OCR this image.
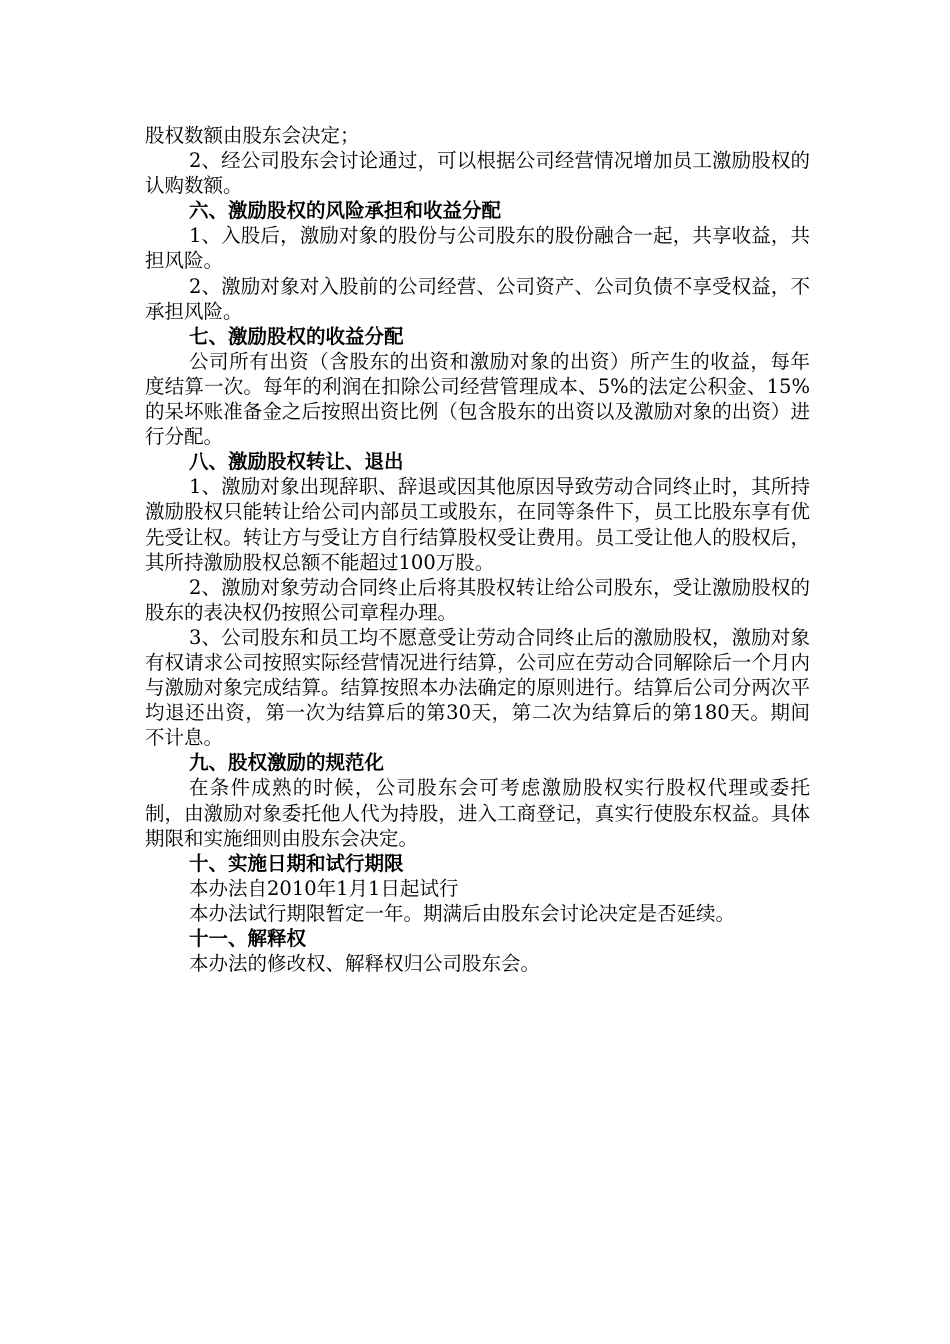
股权数额由股东会决定；

2、经公司股东会讨论通过，可以根据公司经营情况增加员工激励股权的认购数额。

六、激励股权的风险承担和收益分配

1、入股后，激励对象的股份与公司股东的股份融合一起，共享收益，共担风险。

2、激励对象对入股前的公司经营、公司资产、公司负债不享受权益，不承担风险。

七、激励股权的收益分配

公司所有出资（含股东的出资和激励对象的出资）所产生的收益，每年度结算一次。每年的利润在扣除公司经营管理成本、5%的法定公积金、15%的呆坏账准备金之后按照出资比例（包含股东的出资以及激励对象的出资）进行分配。

八、激励股权转让、退出

1、激励对象出现辞职、辞退或因其他原因导致劳动合同终止时，其所持激励股权只能转让给公司内部员工或股东，在同等条件下，员工比股东享有优先受让权。转让方与受让方自行结算股权受让费用。员工受让他人的股权后，其所持激励股权总额不能超过100万股。

2、激励对象劳动合同终止后将其股权转让给公司股东，受让激励股权的股东的表决权仍按照公司章程办理。

3、公司股东和员工均不愿意受让劳动合同终止后的激励股权，激励对象有权请求公司按照实际经营情况进行结算，公司应在劳动合同解除后一个月内与激励对象完成结算。结算按照本办法确定的原则进行。结算后公司分两次平均退还出资，第一次为结算后的第30天，第二次为结算后的第180天。期间不计息。

九、股权激励的规范化

在条件成熟的时候，公司股东会可考虑激励股权实行股权代理或委托制，由激励对象委托他人代为持股，进入工商登记，真实行使股东权益。具体期限和实施细则由股东会决定。

十、实施日期和试行期限

本办法自2010年1月1日起试行

本办法试行期限暂定一年。期满后由股东会讨论决定是否延续。

十一、解释权

本办法的修改权、解释权归公司股东会。
